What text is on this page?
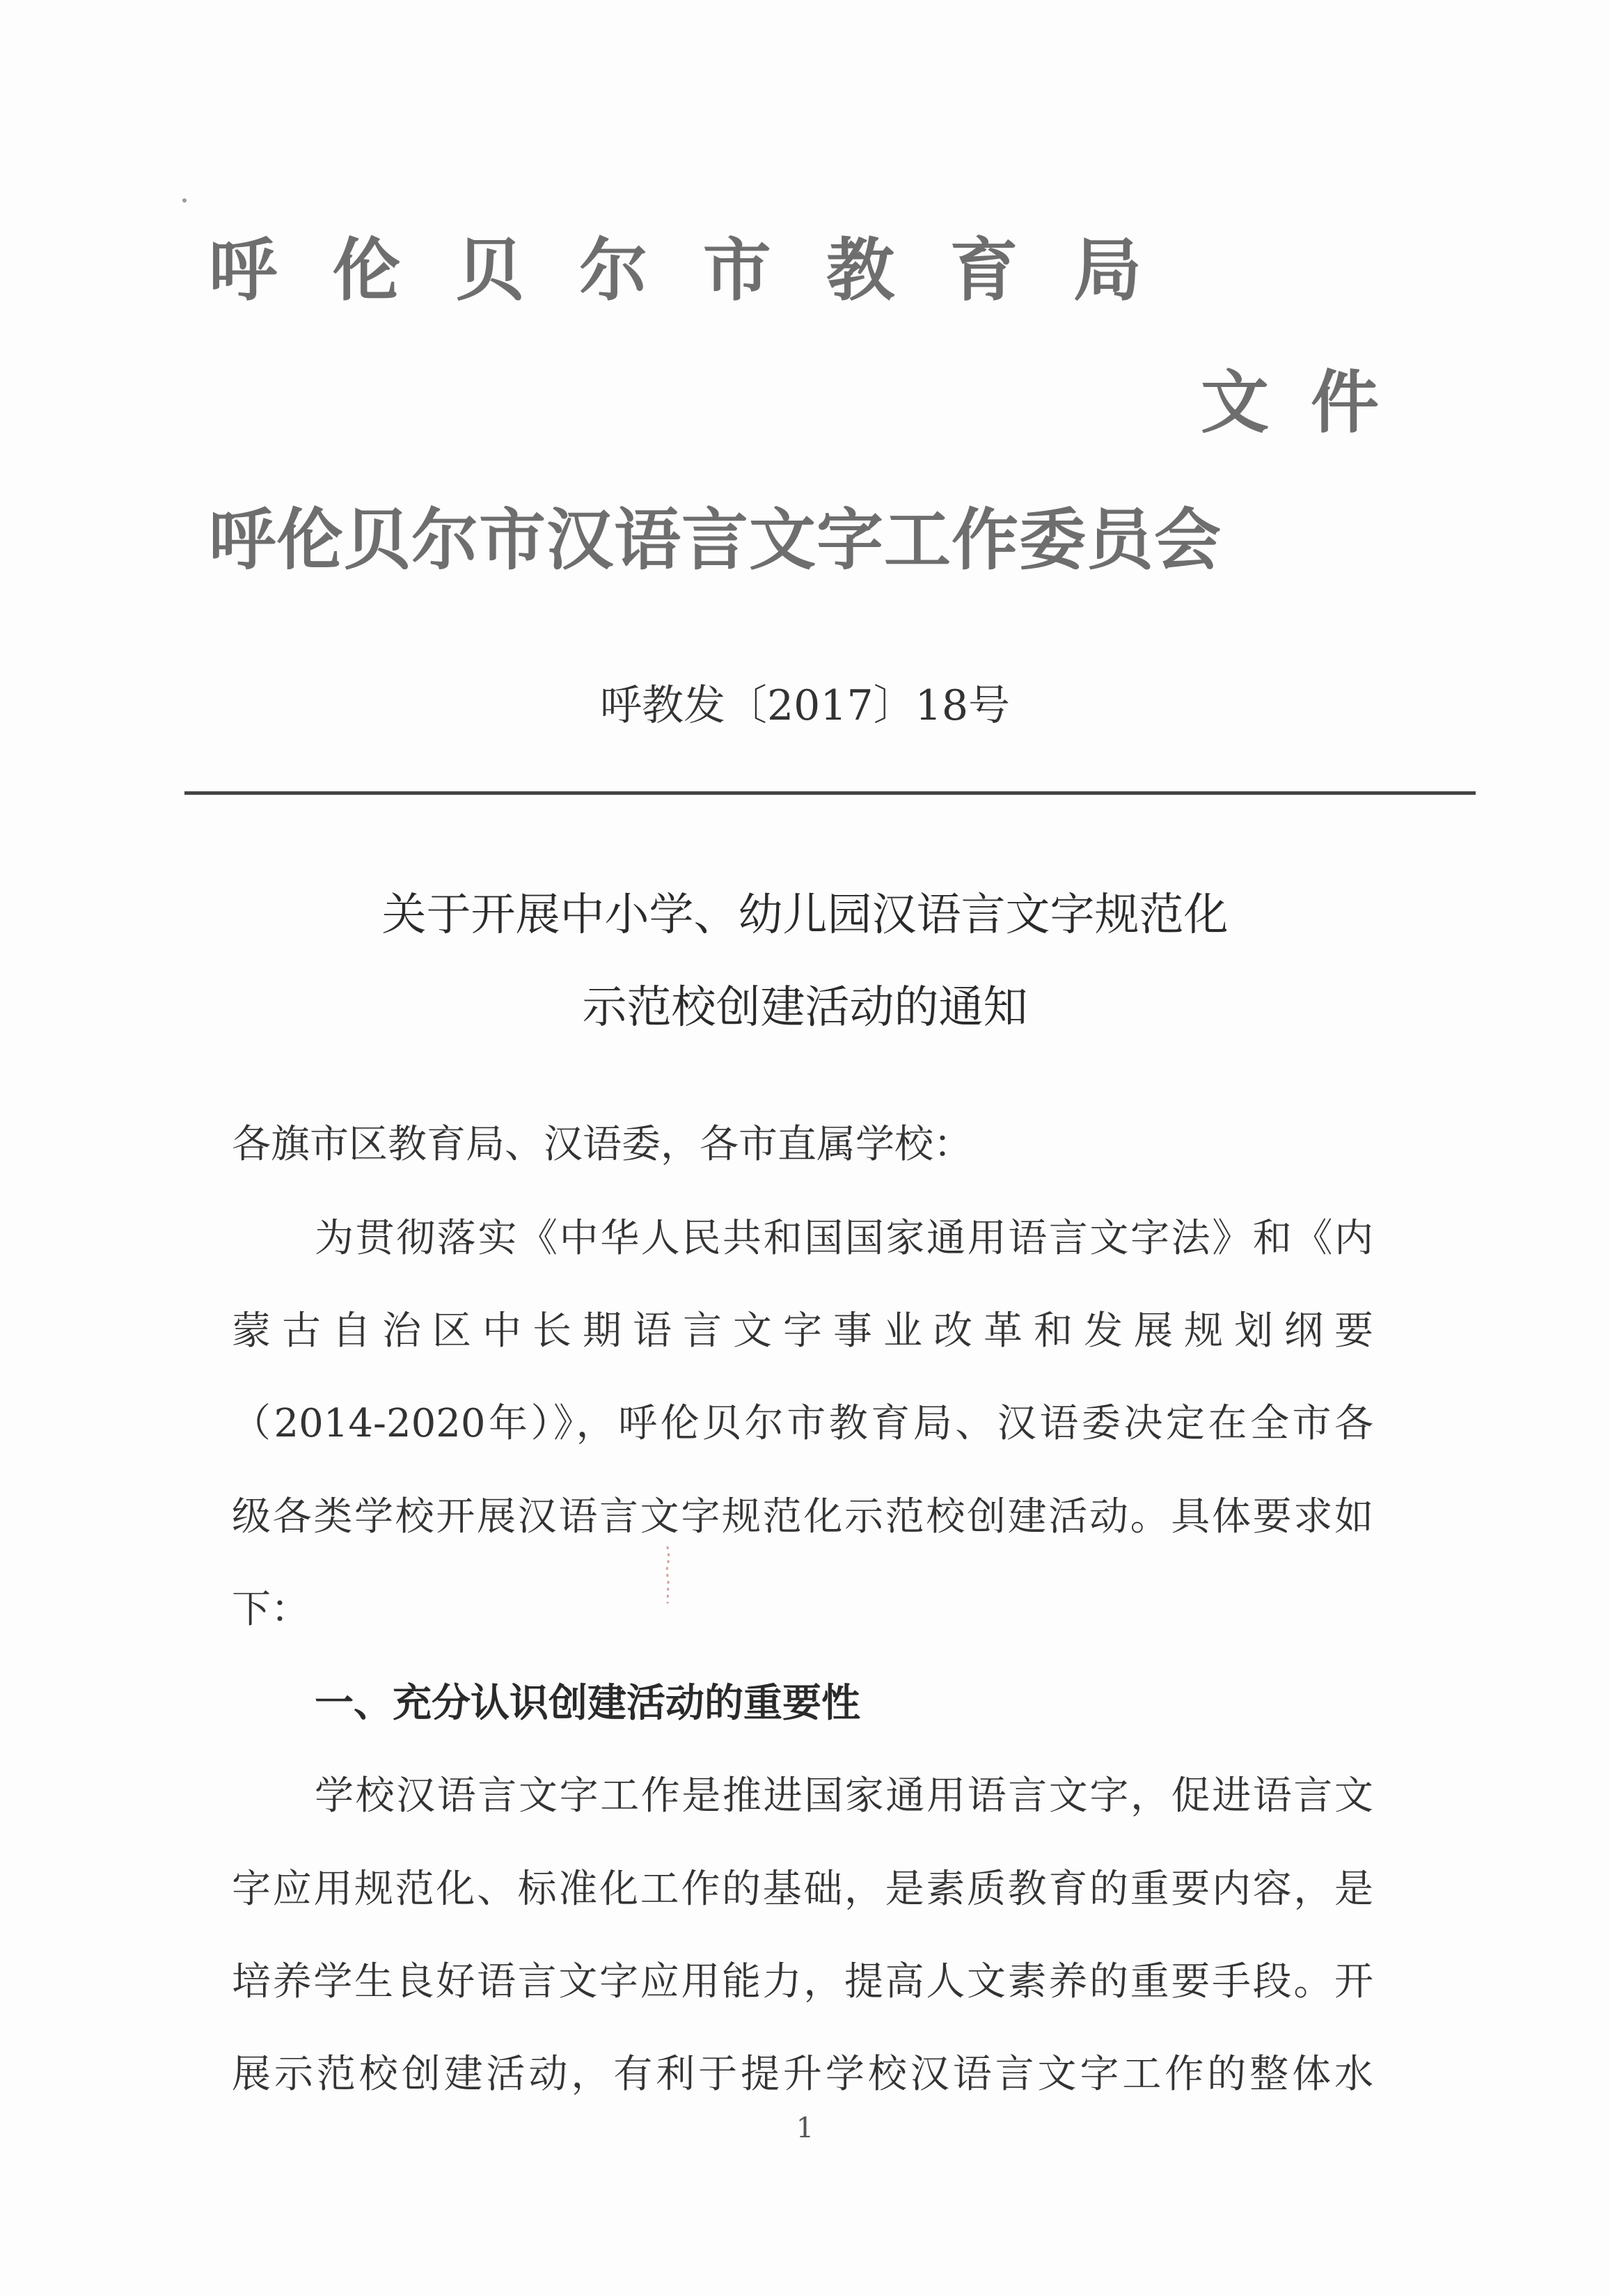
呼 伦 贝 尔 市 教 育 局
文件
呼伦贝尔市汉语言文字工作委员会
呼教发〔2017〕18号
关于开展中小学、幼儿园汉语言文字规范化
示范校创建活动的通知
各旗市区教育局、汉语委，各市直属学校：
为贯彻落实《中华人民共和国国家通用语言文字法》和《内
蒙古自治区中长期语言文字事业改革和发展规划纲要
（2014-2020年）》，呼伦贝尔市教育局、汉语委决定在全市各
级各类学校开展汉语言文字规范化示范校创建活动。具体要求如
下：
一、充分认识创建活动的重要性
学校汉语言文字工作是推进国家通用语言文字，促进语言文
字应用规范化、标准化工作的基础，是素质教育的重要内容，是
培养学生良好语言文字应用能力，提高人文素养的重要手段。开
展示范校创建活动，有利于提升学校汉语言文字工作的整体水
1
